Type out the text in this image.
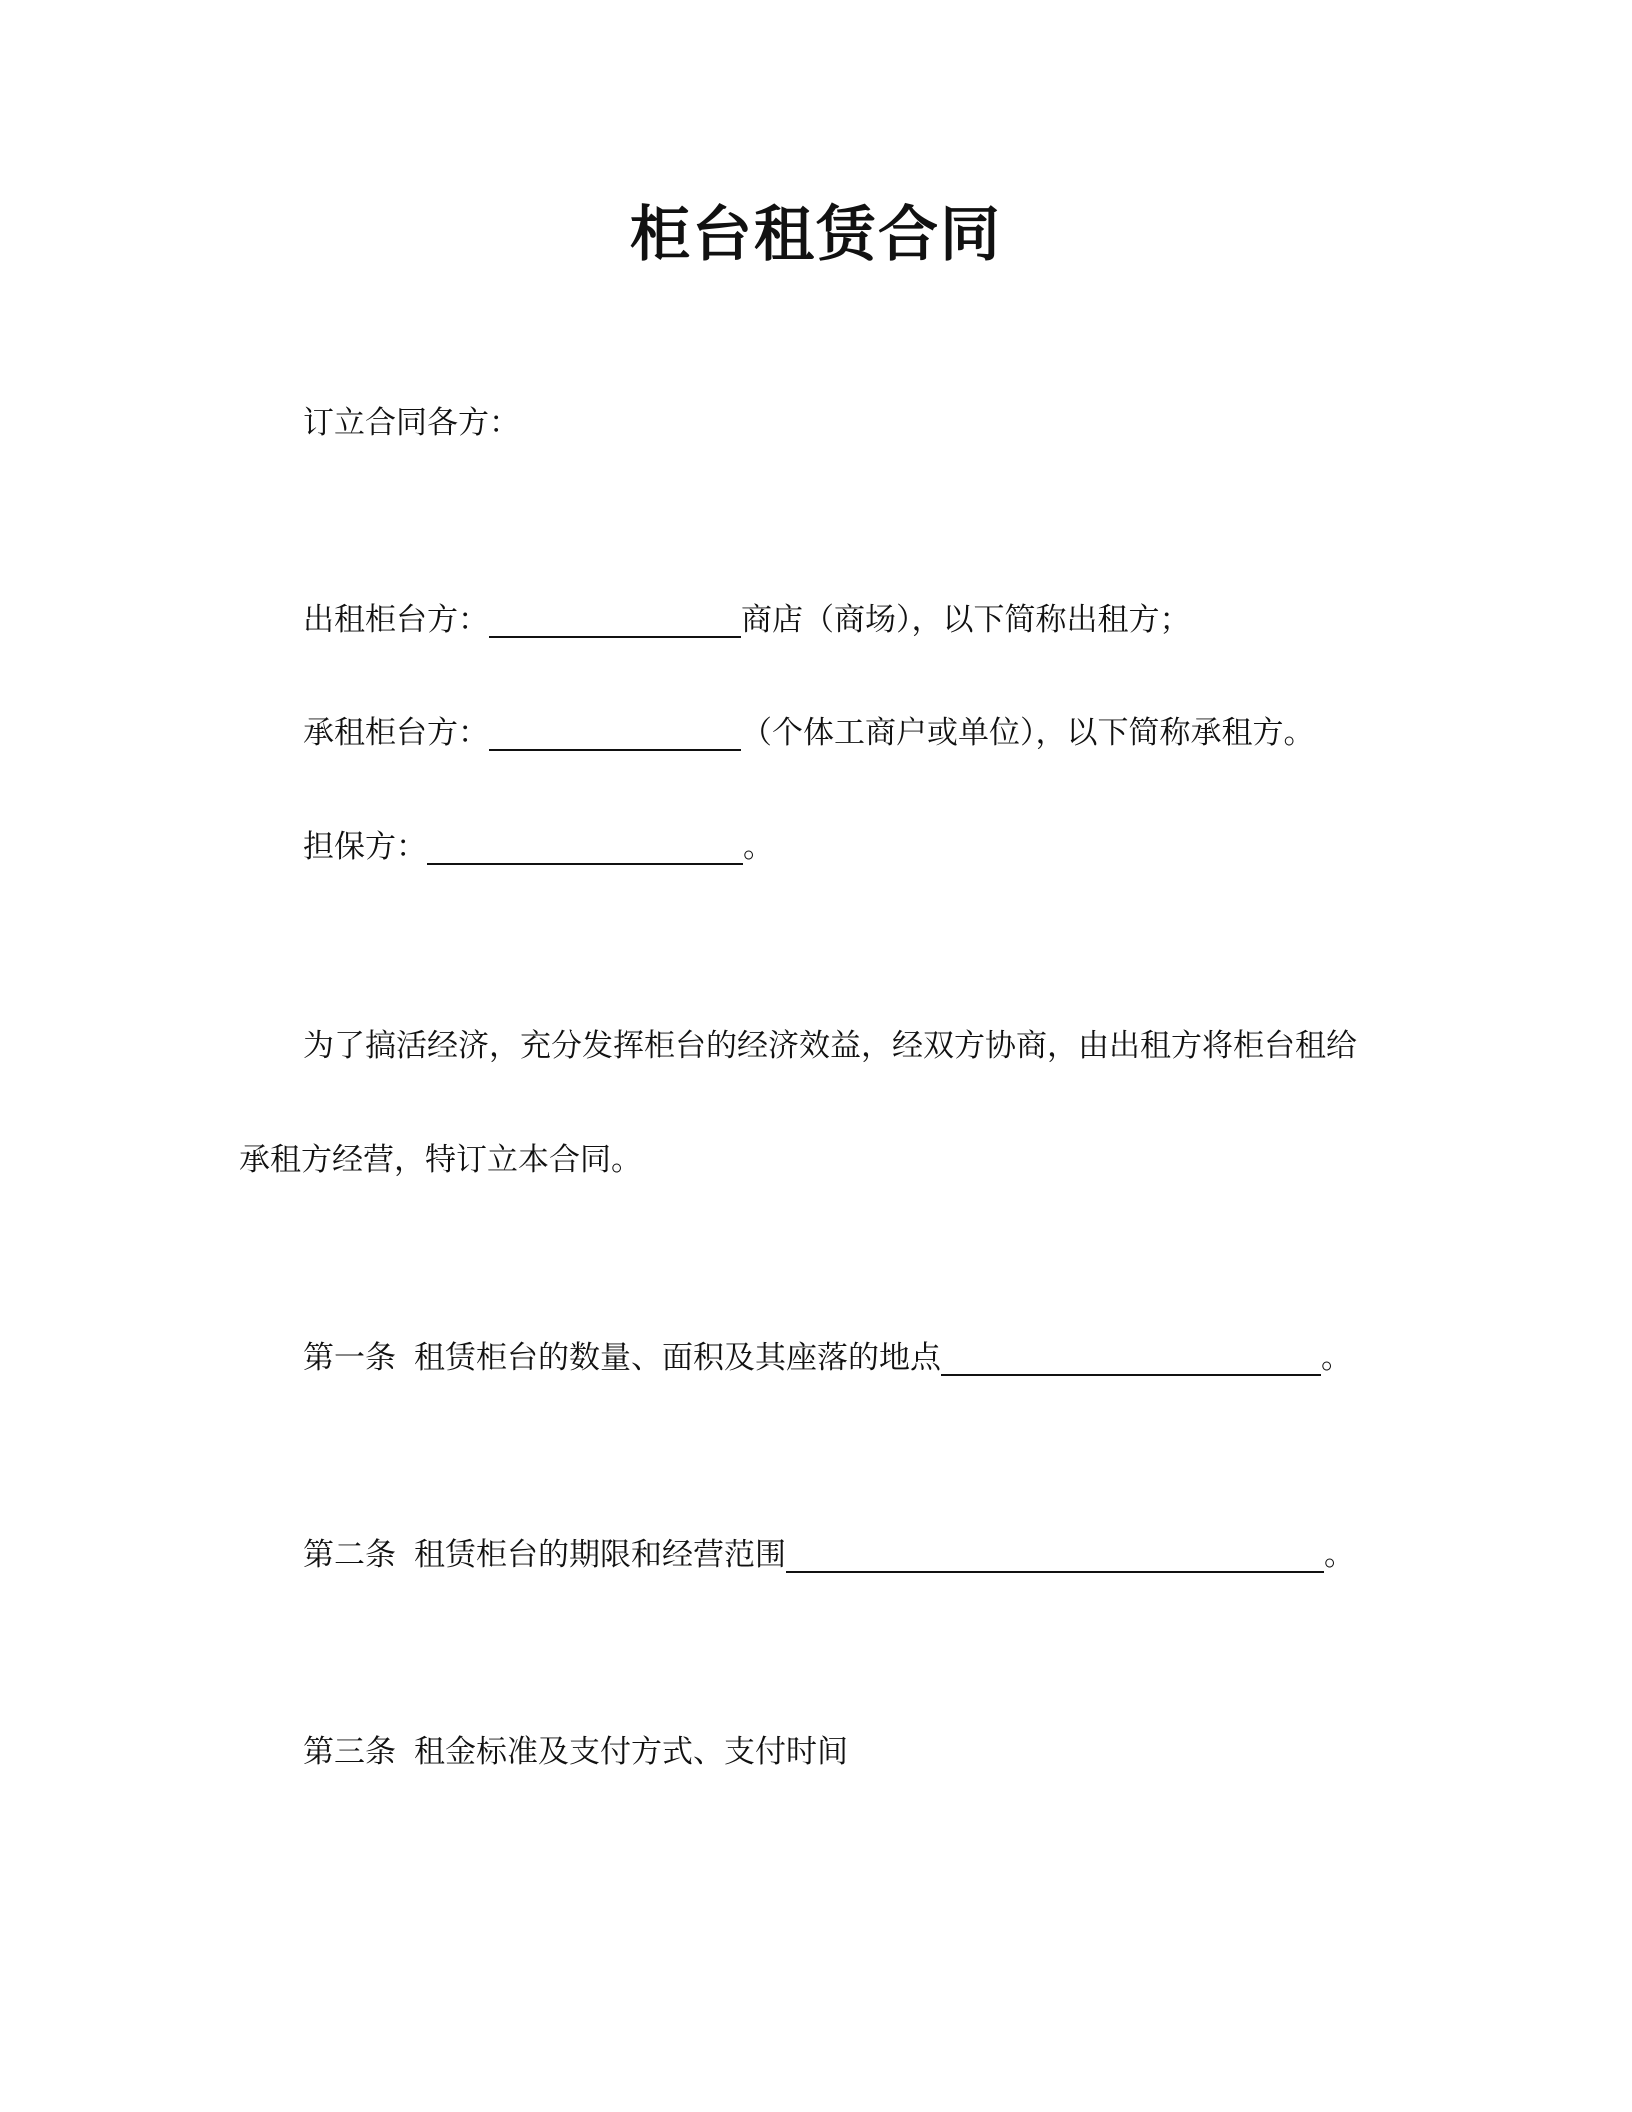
柜台租赁合同
订立合同各方：
出租柜台方：	商店（商场），以下简称出租方；
承租柜台方：	（个体工商户或单位），以下简称承租方。
担保方：	。
为了搞活经济，充分发挥柜台的经济效益，经双方协商，由出租方将柜台租给
承租方经营，特订立本合同。
第一条 租赁柜台的数量、面积及其座落的地点	。
第二条 租赁柜台的期限和经营范围	。
第三条 租金标准及支付方式、支付时间
